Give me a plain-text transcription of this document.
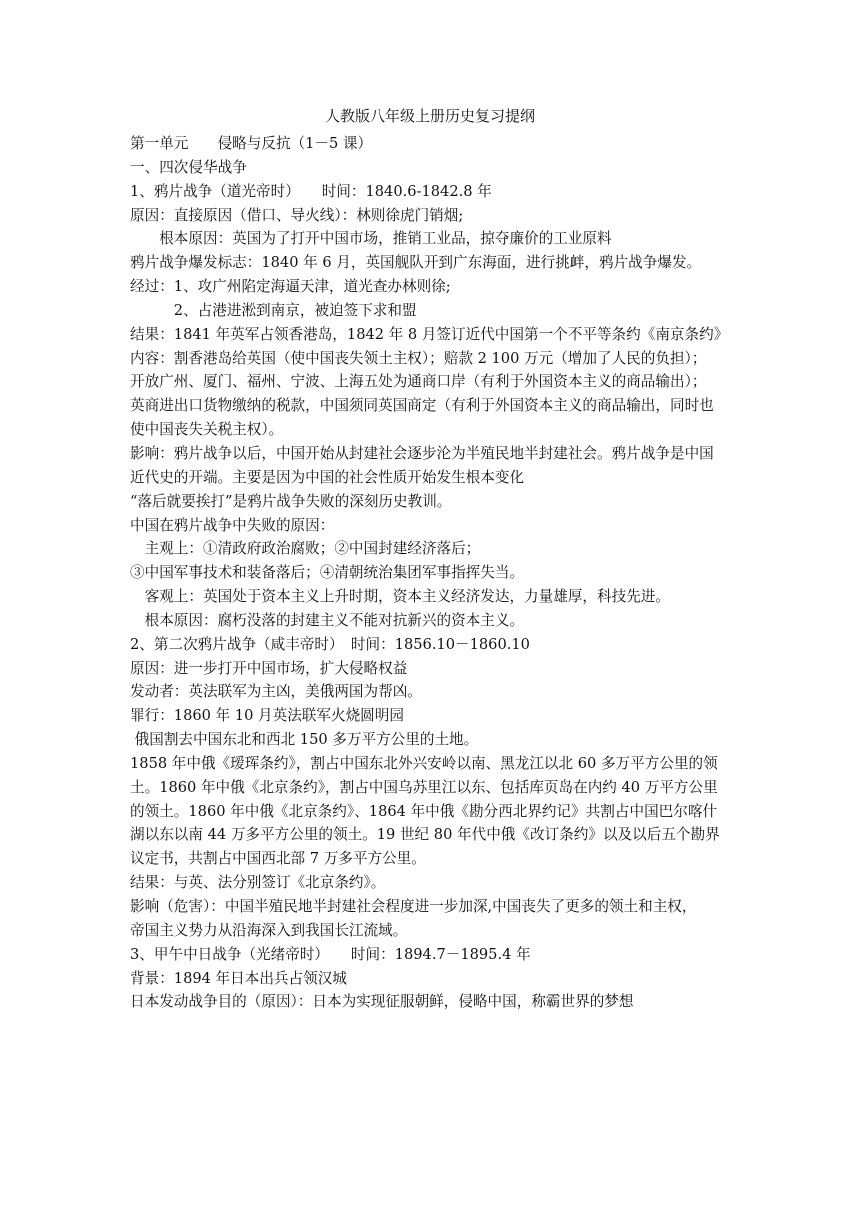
人教版八年级上册历史复习提纲
第一单元　　侵略与反抗（1－5 课）
一、四次侵华战争
1、鸦片战争（道光帝时）　　时间：1840.6-1842.8 年
原因：直接原因（借口、导火线）：林则徐虎门销烟;
　　根本原因：英国为了打开中国市场，推销工业品，掠夺廉价的工业原料
鸦片战争爆发标志：1840 年 6 月，英国舰队开到广东海面，进行挑衅，鸦片战争爆发。
经过：1、攻广州陷定海逼天津，道光查办林则徐;
　　　2、占港进淞到南京，被迫签下求和盟
结果：1841 年英军占领香港岛，1842 年 8 月签订近代中国第一个不平等条约《南京条约》
内容：割香港岛给英国（使中国丧失领土主权）；赔款 2 100 万元（增加了人民的负担）；
开放广州、厦门、福州、宁波、上海五处为通商口岸（有利于外国资本主义的商品输出）；
英商进出口货物缴纳的税款，中国须同英国商定（有利于外国资本主义的商品输出，同时也
使中国丧失关税主权）。
影响：鸦片战争以后，中国开始从封建社会逐步沦为半殖民地半封建社会。鸦片战争是中国
近代史的开端。主要是因为中国的社会性质开始发生根本变化
“落后就要挨打”是鸦片战争失败的深刻历史教训。
中国在鸦片战争中失败的原因：
　主观上：①清政府政治腐败；②中国封建经济落后；
③中国军事技术和装备落后；④清朝统治集团军事指挥失当。
　客观上：英国处于资本主义上升时期，资本主义经济发达，力量雄厚，科技先进。
　根本原因：腐朽没落的封建主义不能对抗新兴的资本主义。
2、第二次鸦片战争（咸丰帝时）　时间：1856.10－1860.10
原因：进一步打开中国市场，扩大侵略权益
发动者：英法联军为主凶，美俄两国为帮凶。
罪行：1860 年 10 月英法联军火烧圆明园
俄国割去中国东北和西北 150 多万平方公里的土地。
1858 年中俄《瑷珲条约》，割占中国东北外兴安岭以南、黑龙江以北 60 多万平方公里的领
土。1860 年中俄《北京条约》，割占中国乌苏里江以东、包括库页岛在内约 40 万平方公里
的领土。1860 年中俄《北京条约》、1864 年中俄《勘分西北界约记》共割占中国巴尔喀什
湖以东以南 44 万多平方公里的领土。19 世纪 80 年代中俄《改订条约》以及以后五个勘界
议定书，共割占中国西北部 7 万多平方公里。
结果：与英、法分别签订《北京条约》。
影响（危害）：中国半殖民地半封建社会程度进一步加深,中国丧失了更多的领土和主权，
帝国主义势力从沿海深入到我国长江流域。
3、甲午中日战争（光绪帝时）　　时间：1894.7－1895.4 年
背景：1894 年日本出兵占领汉城
日本发动战争目的（原因）：日本为实现征服朝鲜，侵略中国，称霸世界的梦想
